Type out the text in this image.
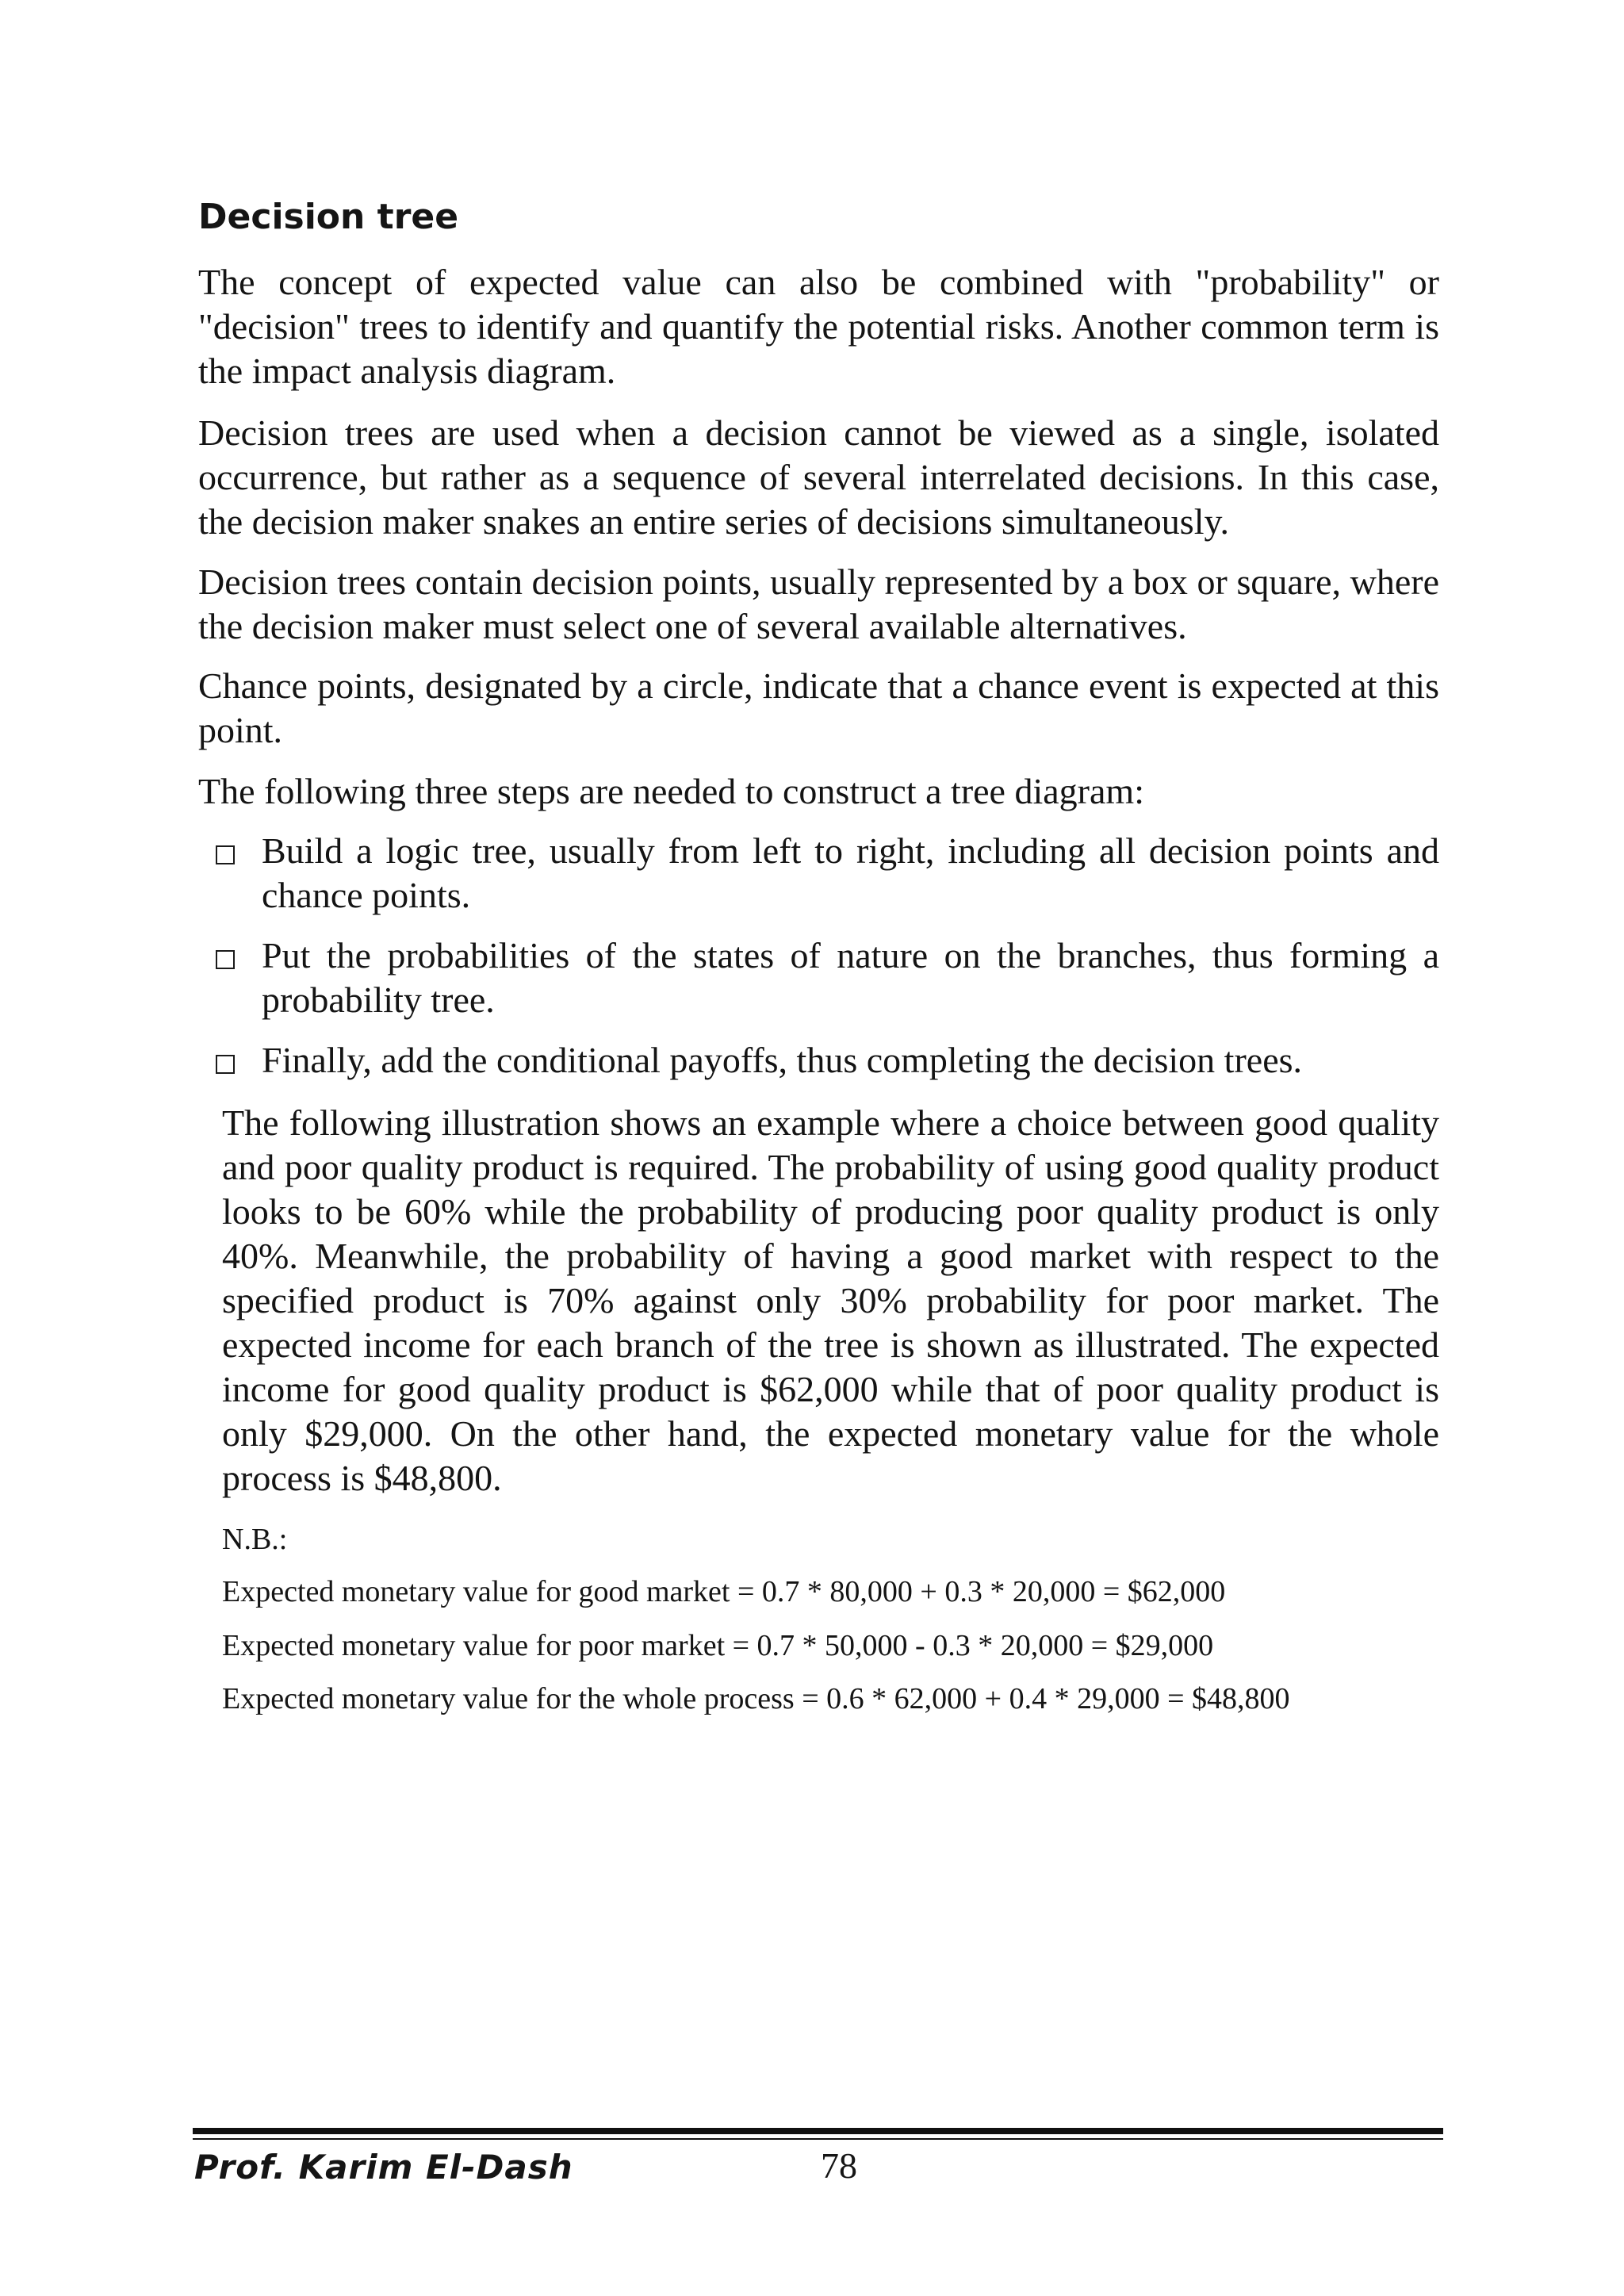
Decision tree

The concept of expected value can also be combined with "probability" or "decision" trees to identify and quantify the potential risks. Another common term is the impact analysis diagram.

Decision trees are used when a decision cannot be viewed as a single, isolated occurrence, but rather as a sequence of several interrelated decisions. In this case, the decision maker snakes an entire series of decisions simultaneously.

Decision trees contain decision points, usually represented by a box or square, where the decision maker must select one of several available alternatives.

Chance points, designated by a circle, indicate that a chance event is expected at this point.

The following three steps are needed to construct a tree diagram:

Build a logic tree, usually from left to right, including all decision points and chance points.
Put the probabilities of the states of nature on the branches, thus forming a probability tree.
Finally, add the conditional payoffs, thus completing the decision trees.

The following illustration shows an example where a choice between good quality and poor quality product is required. The probability of using good quality product looks to be 60% while the probability of producing poor quality product is only 40%. Meanwhile, the probability of having a good market with respect to the specified product is 70% against only 30% probability for poor market. The expected income for each branch of the tree is shown as illustrated. The expected income for good quality product is $62,000 while that of poor quality product is only $29,000. On the other hand, the expected monetary value for the whole process is $48,800.

N.B.:

Expected monetary value for good market = 0.7 * 80,000 + 0.3 * 20,000 = $62,000

Expected monetary value for poor market = 0.7 * 50,000 - 0.3 * 20,000 = $29,000

Expected monetary value for the whole process = 0.6 * 62,000 + 0.4 * 29,000 = $48,800

Prof. Karim El-Dash	78
